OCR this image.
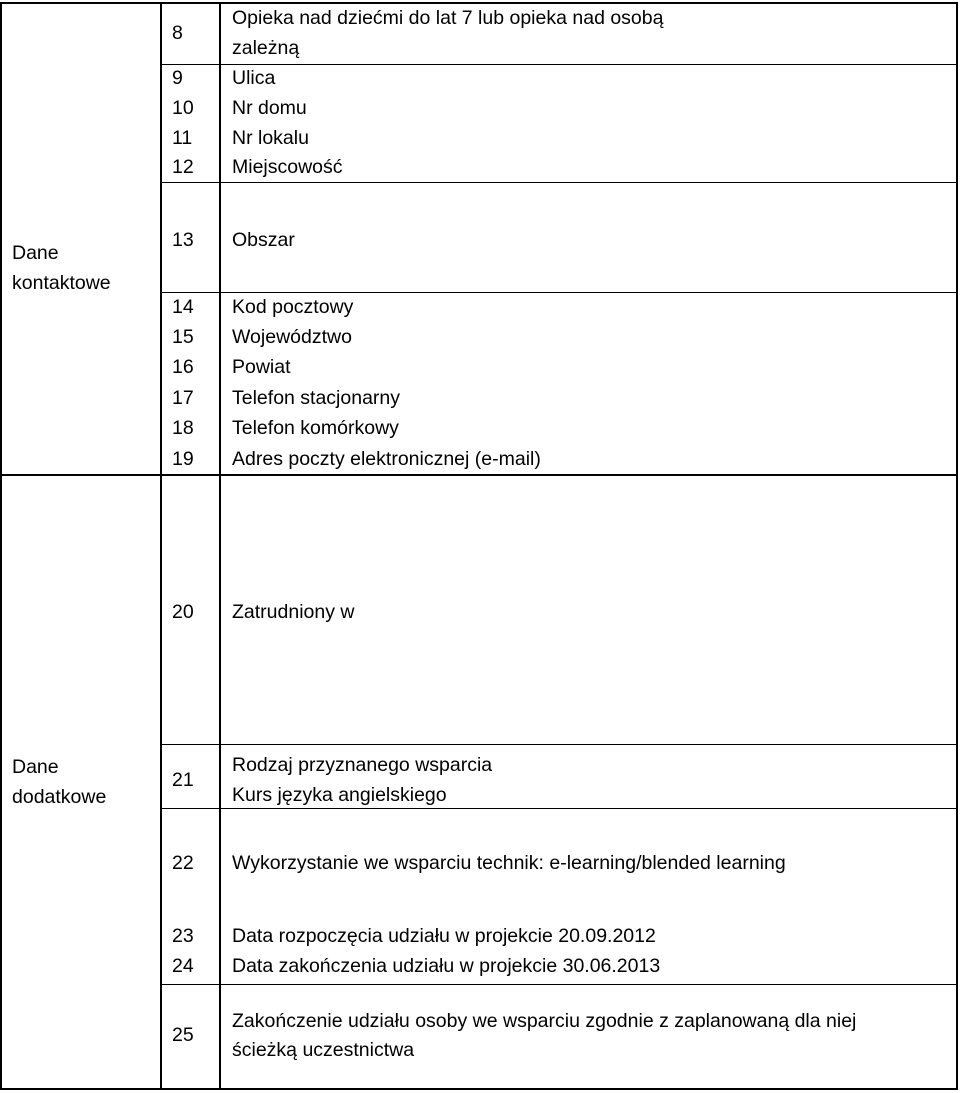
Dane
kontaktowe
Dane
dodatkowe
8
Opieka nad dziećmi do lat 7 lub opieka nad osobą
zależną
9	Ulica
10 Nr domu
11 Nr lokalu
12 Miejscowość
13 Obszar
14 Kod pocztowy
15 Województwo
16 Powiat
17 Telefon stacjonarny
18 Telefon komórkowy
19 Adres poczty elektronicznej (e-mail)
20 Zatrudniony w
21
Rodzaj przyznanego wsparcia
Kurs języka angielskiego
22 Wykorzystanie we wsparciu technik: e-learning/blended learning
23 Data rozpoczęcia udziału w projekcie 20.09.2012
24 Data zakończenia udziału w projekcie 30.06.2013
25
Zakończenie udziału osoby we wsparciu zgodnie z zaplanowaną dla niej
ścieżką uczestnictwa
